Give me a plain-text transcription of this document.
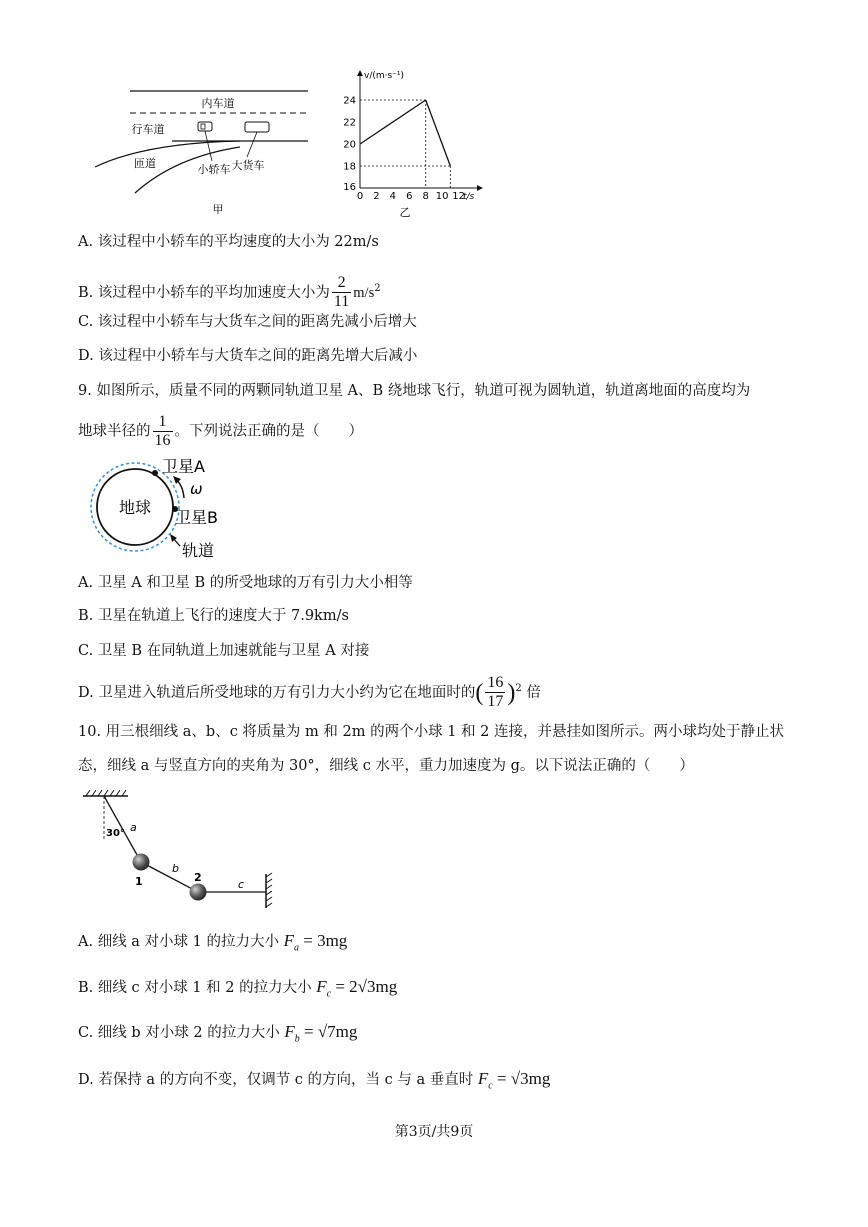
内车道
行车道
匝道	小轿车 大货车
甲
v/(m·s⁻¹)
t/s
乙
0 2 4 6 8 10 12
18
20
22
24
16
A. 该过程中小轿车的平均速度的大小为 22m/s
B. 该过程中小轿车的平均加速度大小为 $\frac{2}{11} m/s^2$
C. 该过程中小轿车与大货车之间的距离先减小后增大
D. 该过程中小轿车与大货车之间的距离先增大后减小
9. 如图所示，质量不同的两颗同轨道卫星 A、B 绕地球飞行，轨道可视为圆轨道，轨道离地面的高度均为
地球半径的 $\frac{1}{16}$ 。下列说法正确的是（　　）
地球
卫星A
卫星B
ω
轨道
A. 卫星 A 和卫星 B 的所受地球的万有引力大小相等
B. 卫星在轨道上飞行的速度大于 7.9km/s
C. 卫星 B 在同轨道上加速就能与卫星 A 对接
D. 卫星进入轨道后所受地球的万有引力大小约为它在地面时的( $\frac{16}{17} )^2$ 倍
10. 用三根细线 a、b、c 将质量为 m 和 2m 的两个小球 1 和 2 连接，并悬挂如图所示。两小球均处于静止状
态，细线 a 与竖直方向的夹角为 30°，细线 c 水平，重力加速度为 g。以下说法正确的（　　）
30° a
b
c
1	2
A. 细线 a 对小球 1 的拉力大小 $F_a = 3mg$
B. 细线 c 对小球 1 和 2 的拉力大小 $F_c = 2√3mg$
C. 细线 b 对小球 2 的拉力大小 $F_b = √7mg$
D. 若保持 a 的方向不变，仅调节 c 的方向，当 c 与 a 垂直时 $F_c = √3mg$
第3页/共9页
